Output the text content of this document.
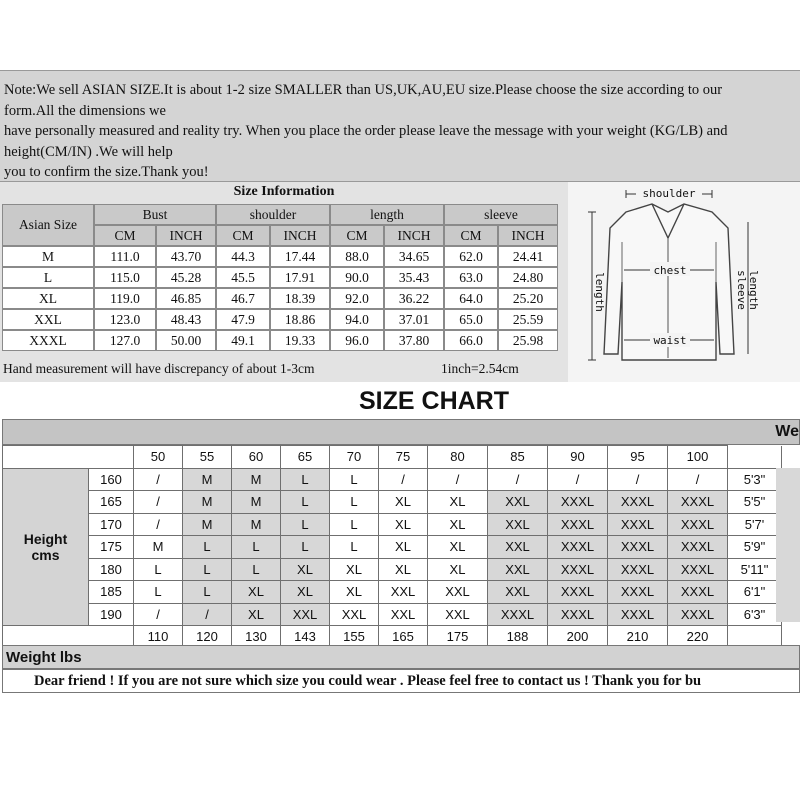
Note:We sell ASIAN SIZE.It is about 1-2 size SMALLER than US,UK,AU,EU size.Please choose the size according to our
form.All the dimensions we
have personally measured and reality try. When you place the order please leave the message with your weight (KG/LB) and
height(CM/IN) .We will help
you to confirm the size.Thank you!
Size Information
Asian Size	Bust		shoulder		length		sleeve	
	CM	INCH	CM	INCH	CM	INCH	CM	INCH
M	111.0	43.70	44.3	17.44	88.0	34.65	62.0	24.41
L	115.0	45.28	45.5	17.91	90.0	35.43	63.0	24.80
XL	119.0	46.85	46.7	18.39	92.0	36.22	64.0	25.20
XXL	123.0	48.43	47.9	18.86	94.0	37.01	65.0	25.59
XXXL	127.0	50.00	49.1	19.33	96.0	37.80	66.0	25.98
Hand measurement will have discrepancy of about 1-3cm	1inch=2.54cm
shoulder
chest
waist
length	sleeve length
SIZE CHART
We
		50	55	60	65	70	75	80	85	90	95	100	

Height
cms	160	/	M	M	L	L	/	/	/	/	/	/	5'3"
	165	/	M	M	L	L	XL	XL	XXL	XXXL	XXXL	XXXL	5'5"
	170	/	M	M	L	L	XL	XL	XXL	XXXL	XXXL	XXXL	5'7'
	175	M	L	L	L	L	XL	XL	XXL	XXXL	XXXL	XXXL	5'9"
	180	L	L	L	XL	XL	XL	XL	XXL	XXXL	XXXL	XXXL	5'11"
	185	L	L	XL	XL	XL	XXL	XXL	XXL	XXXL	XXXL	XXXL	6'1"
	190	/	/	XL	XXL	XXL	XXL	XXL	XXXL	XXXL	XXXL	XXXL	6'3"
		110	120	130	143	155	165	175	188	200	210	220	
Weight lbs
Dear friend ! If you are not sure which size you could wear . Please feel free to contact us ! Thank you for bu
